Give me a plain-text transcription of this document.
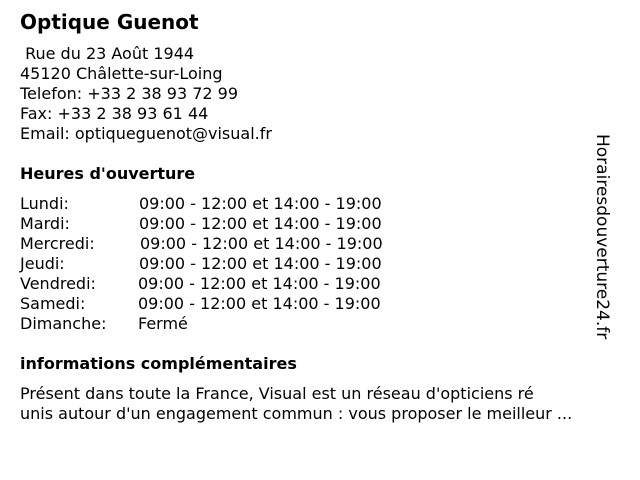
Optique Guenot
Rue du 23 Août 1944
45120 Châlette-sur-Loing
Telefon: +33 2 38 93 72 99
Fax: +33 2 38 93 61 44
Email: optiqueguenot@visual.fr
Heures d'ouverture
Lundi:	09:00 - 12:00 et 14:00 - 19:00
Mardi:	09:00 - 12:00 et 14:00 - 19:00
Mercredi:	09:00 - 12:00 et 14:00 - 19:00
Jeudi:	09:00 - 12:00 et 14:00 - 19:00
Vendredi:	09:00 - 12:00 et 14:00 - 19:00
Samedi:	09:00 - 12:00 et 14:00 - 19:00
Dimanche: Fermé
informations complémentaires
Présent dans toute la France, Visual est un réseau d'opticiens ré
unis autour d'un engagement commun : vous proposer le meilleur ...
Horairesdouverture24.fr
